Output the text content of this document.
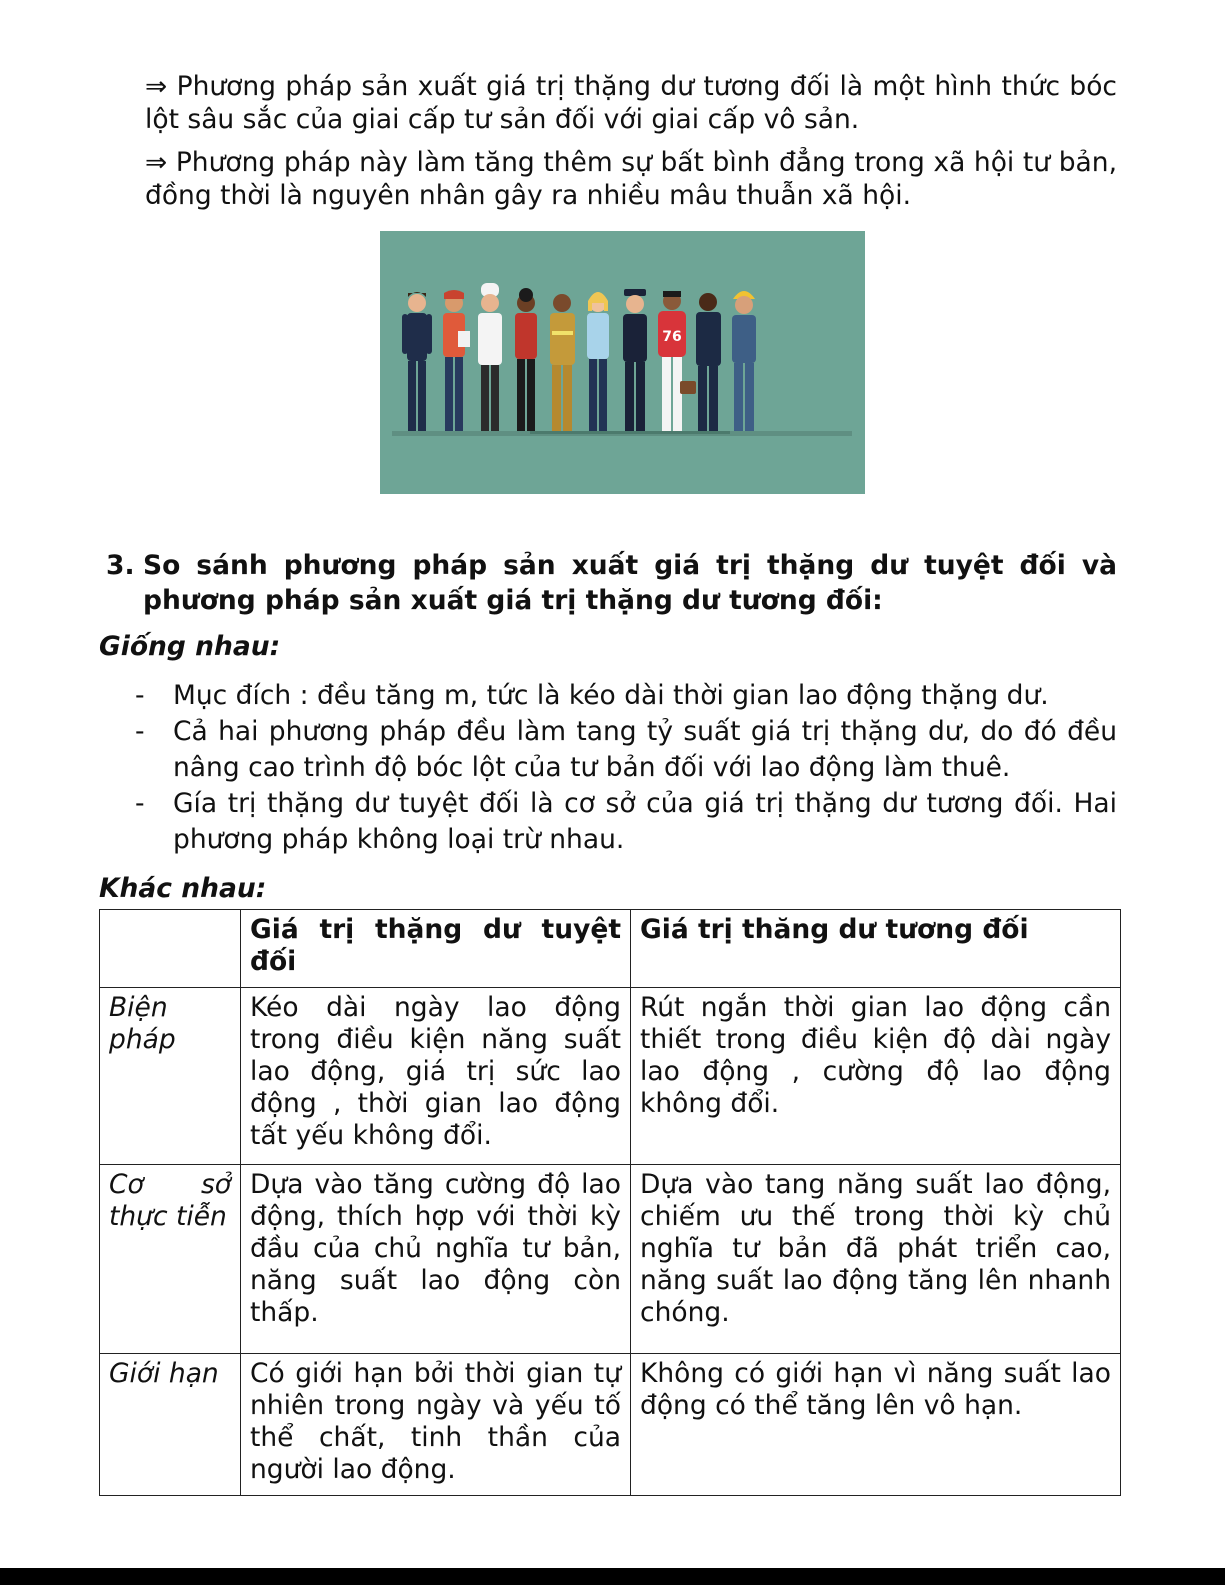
⇒ Phương pháp sản xuất giá trị thặng dư tương đối là một hình thức bóc lột sâu sắc của giai cấp tư sản đối với giai cấp vô sản.

⇒ Phương pháp này làm tăng thêm sự bất bình đẳng trong xã hội tư bản, đồng thời là nguyên nhân gây ra nhiều mâu thuẫn xã hội.

76
3. So sánh phương pháp sản xuất giá trị thặng dư tuyệt đối và phương pháp sản xuất giá trị thặng dư tương đối:

Giống nhau:

- Mục đích : đều tăng m, tức là kéo dài thời gian lao động thặng dư.
- Cả hai phương pháp đều làm tang tỷ suất giá trị thặng dư, do đó đều nâng cao trình độ bóc lột của tư bản đối với lao động làm thuê.
- Gía trị thặng dư tuyệt đối là cơ sở của giá trị thặng dư tương đối. Hai phương pháp không loại trừ nhau.

Khác nhau:

	Giá trị thặng dư tuyệt đối	Giá trị thăng dư tương đối
Biện pháp	Kéo dài ngày lao động trong điều kiện năng suất lao động, giá trị sức lao động , thời gian lao động tất yếu không đổi.	Rút ngắn thời gian lao động cần thiết trong điều kiện độ dài ngày lao động , cường độ lao động không đổi.
Cơ sở thực tiễn	Dựa vào tăng cường độ lao động, thích hợp với thời kỳ đầu của chủ nghĩa tư bản, năng suất lao động còn thấp.	Dựa vào tang năng suất lao động, chiếm ưu thế trong thời kỳ chủ nghĩa tư bản đã phát triển cao, năng suất lao động tăng lên nhanh chóng.
Giới hạn	Có giới hạn bởi thời gian tự nhiên trong ngày và yếu tố thể chất, tinh thần của người lao động.	Không có giới hạn vì năng suất lao động có thể tăng lên vô hạn.
